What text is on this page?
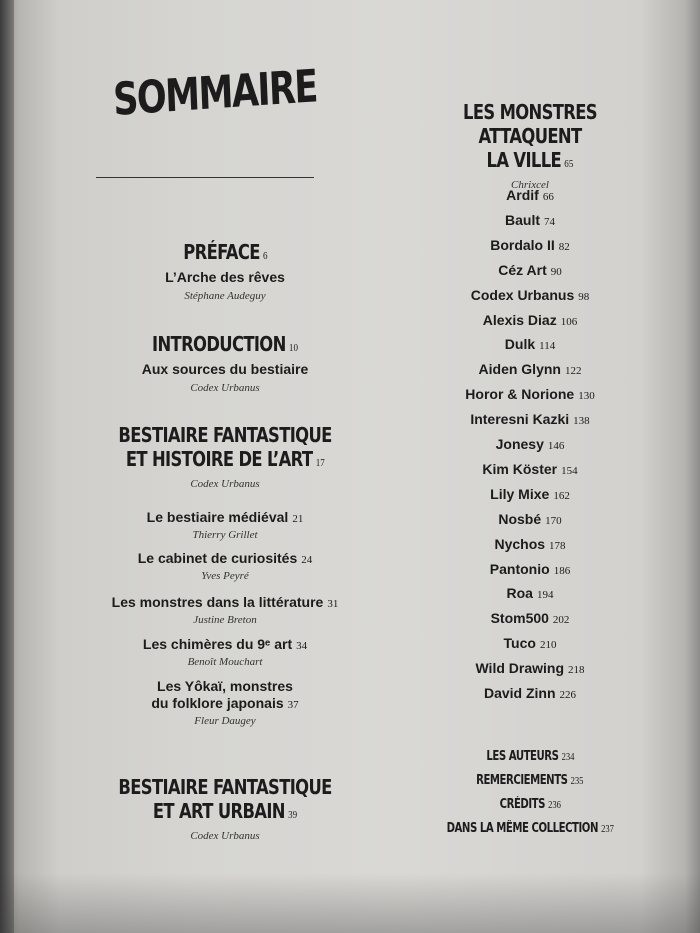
SOMMAIRE
PRÉFACE 6
L’Arche des rêves
Stéphane Audeguy
INTRODUCTION 10
Aux sources du bestiaire
Codex Urbanus
BESTIAIRE FANTASTIQUE
ET HISTOIRE DE L’ART 17
Codex Urbanus
Le bestiaire médiéval 21
Thierry Grillet
Le cabinet de curiosités 24
Yves Peyré
Les monstres dans la littérature 31
Justine Breton
Les chimères du 9ᵉ art 34
Benoît Mouchart
Les Yôkaï, monstres
du folklore japonais 37
Fleur Daugey
BESTIAIRE FANTASTIQUE
ET ART URBAIN 39
Codex Urbanus
LES MONSTRES ATTAQUENT
LA VILLE 65
Chrixcel
Ardif 66
Bault 74
Bordalo II 82
Céz Art 90
Codex Urbanus 98
Alexis Diaz 106
Dulk 114
Aiden Glynn 122
Horor & Norione 130
Interesni Kazki 138
Jonesy 146
Kim Köster 154
Lily Mixe 162
Nosbé 170
Nychos 178
Pantonio 186
Roa 194
Stom500 202
Tuco 210
Wild Drawing 218
David Zinn 226
LES AUTEURS 234
REMERCIEMENTS 235
CRÉDITS 236
DANS LA MÊME COLLECTION 237
